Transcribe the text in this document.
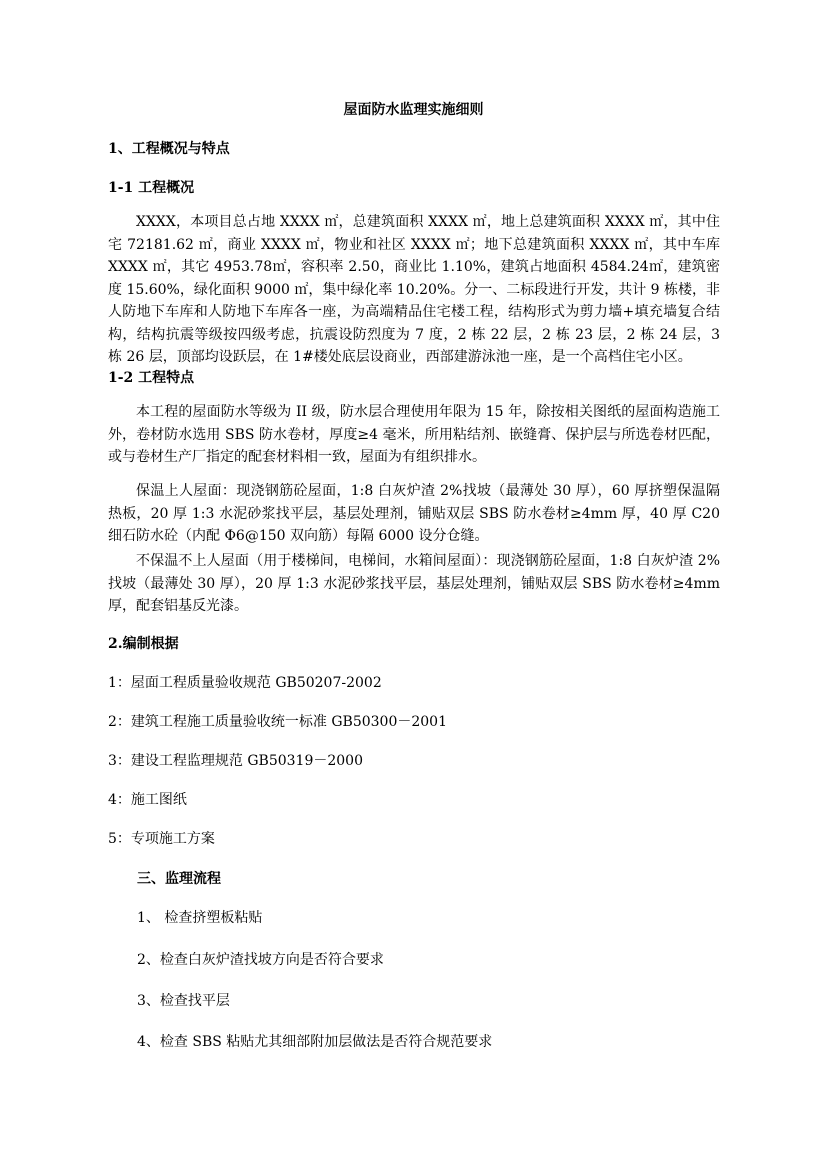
屋面防水监理实施细则
1、工程概况与特点
1-1 工程概况

XXXX，本项目总占地 XXXX ㎡，总建筑面积 XXXX ㎡，地上总建筑面积 XXXX ㎡，其中住宅 72181.62 ㎡，商业 XXXX ㎡，物业和社区 XXXX ㎡；地下总建筑面积 XXXX ㎡，其中车库 XXXX ㎡，其它 4953.78㎡，容积率 2.50，商业比 1.10%，建筑占地面积 4584.24㎡，建筑密度 15.60%，绿化面积 9000 ㎡，集中绿化率 10.20%。分一、二标段进行开发，共计 9 栋楼，非人防地下车库和人防地下车库各一座，为高端精品住宅楼工程，结构形式为剪力墙+填充墙复合结构，结构抗震等级按四级考虑，抗震设防烈度为 7 度，2 栋 22 层，2 栋 23 层，2 栋 24 层，3 栋 26 层，顶部均设跃层，在 1#楼处底层设商业，西部建游泳池一座，是一个高档住宅小区。

1-2 工程特点

本工程的屋面防水等级为 II 级，防水层合理使用年限为 15 年，除按相关图纸的屋面构造施工外，卷材防水选用 SBS 防水卷材，厚度≥4 毫米，所用粘结剂、嵌缝膏、保护层与所选卷材匹配，或与卷材生产厂指定的配套材料相一致，屋面为有组织排水。

保温上人屋面：现浇钢筋砼屋面，1:8 白灰炉渣 2%找坡（最薄处 30 厚），60 厚挤塑保温隔热板，20 厚 1:3 水泥砂浆找平层，基层处理剂，铺贴双层 SBS 防水卷材≥4mm 厚，40 厚 C20 细石防水砼（内配 Φ6@150 双向筋）每隔 6000 设分仓缝。

不保温不上人屋面（用于楼梯间，电梯间，水箱间屋面）：现浇钢筋砼屋面，1:8 白灰炉渣 2%找坡（最薄处 30 厚），20 厚 1:3 水泥砂浆找平层，基层处理剂，铺贴双层 SBS 防水卷材≥4mm 厚，配套铝基反光漆。

2.编制根据
1：屋面工程质量验收规范 GB50207-2002
2：建筑工程施工质量验收统一标准 GB50300－2001
3：建设工程监理规范 GB50319－2000
4：施工图纸
5：专项施工方案
三、监理流程
1、 检查挤塑板粘贴
2、检查白灰炉渣找坡方向是否符合要求
3、检查找平层
4、检查 SBS 粘贴尤其细部附加层做法是否符合规范要求
